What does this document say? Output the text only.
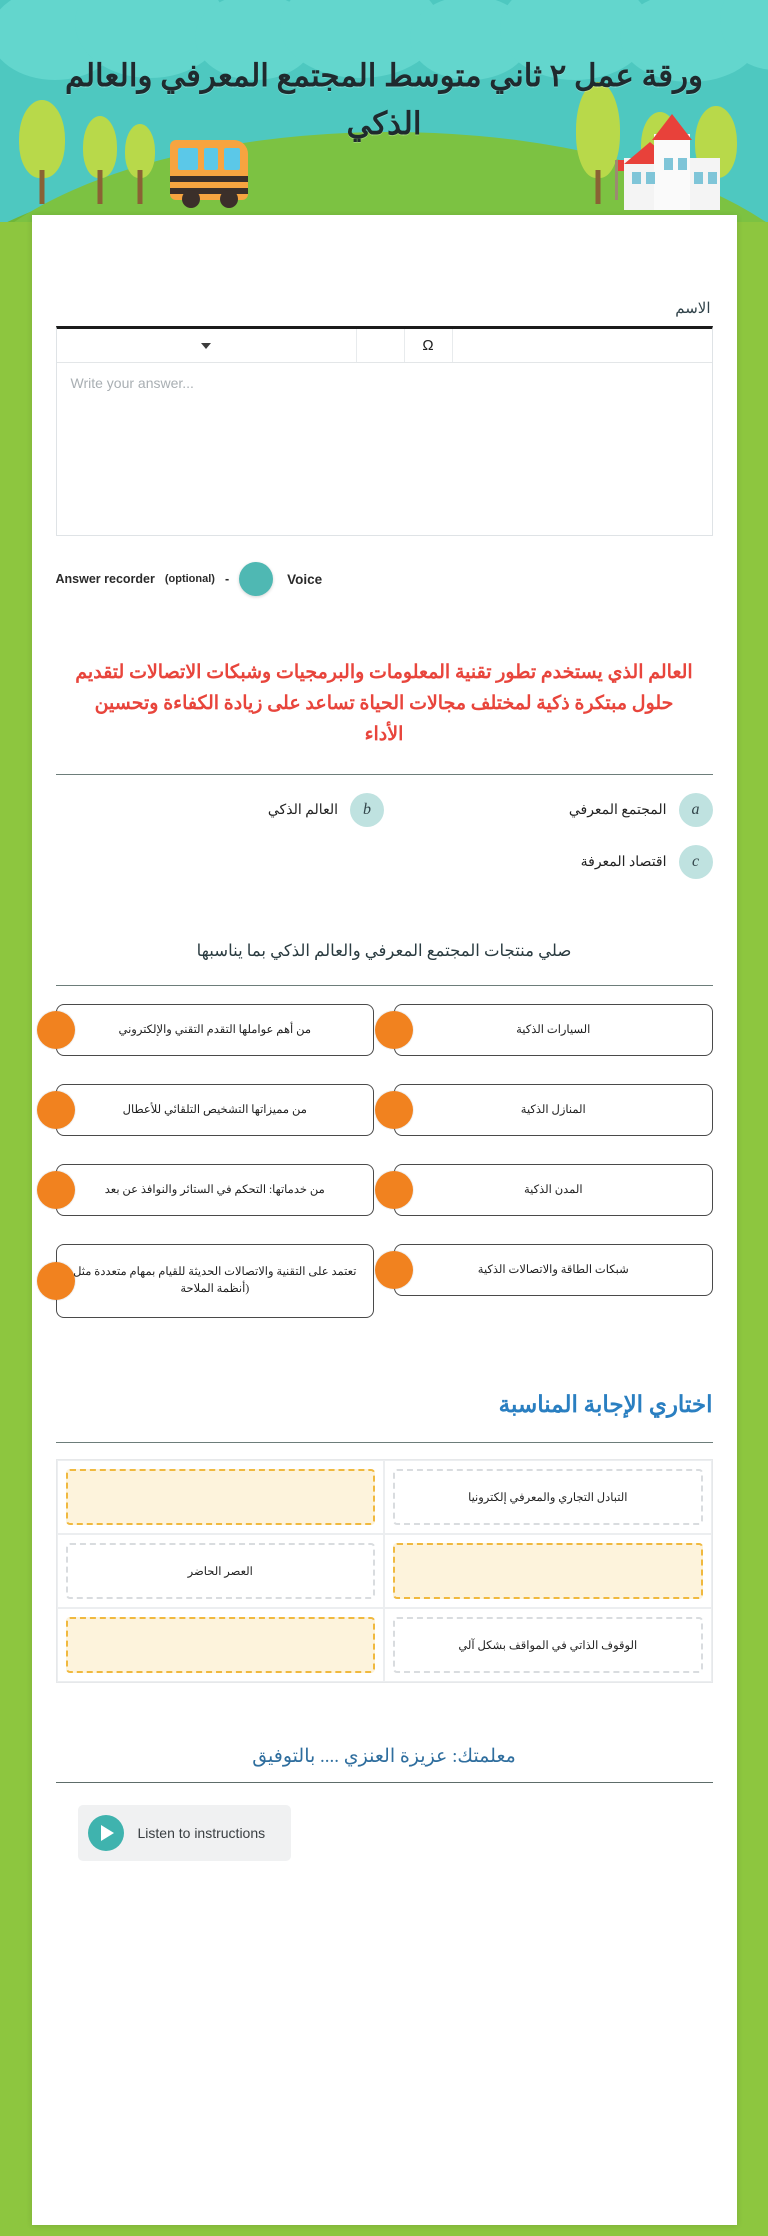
ورقة عمل ٢ ثاني متوسط المجتمع المعرفي والعالم الذكي
الاسم
Ω
Write your answer...
Answer recorder (optional) -	Voice
العالم الذي يستخدم تطور تقنية المعلومات والبرمجيات وشبكات الاتصالات لتقديم حلول مبتكرة ذكية لمختلف مجالات الحياة تساعد على زيادة الكفاءة وتحسين الأداء
a
المجتمع المعرفي
b
العالم الذكي
c
اقتصاد المعرفة
صلي منتجات المجتمع المعرفي والعالم الذكي بما يناسبها
السيارات الذكية
المنازل الذكية
المدن الذكية
شبكات الطاقة والاتصالات الذكية
من أهم عواملها التقدم التقني والإلكتروني
من مميزاتها التشخيص التلقائي للأعطال
من خدماتها: التحكم في الستائر والنوافذ عن بعد
تعتمد على التقنية والاتصالات الحديثة للقيام بمهام متعددة مثل (أنظمة الملاحة
اختاري الإجابة المناسبة
التبادل التجاري والمعرفي إلكترونيا
العصر الحاضر
الوقوف الذاتي في المواقف بشكل آلي
معلمتك: عزيزة العنزي .... بالتوفيق
Listen to instructions
